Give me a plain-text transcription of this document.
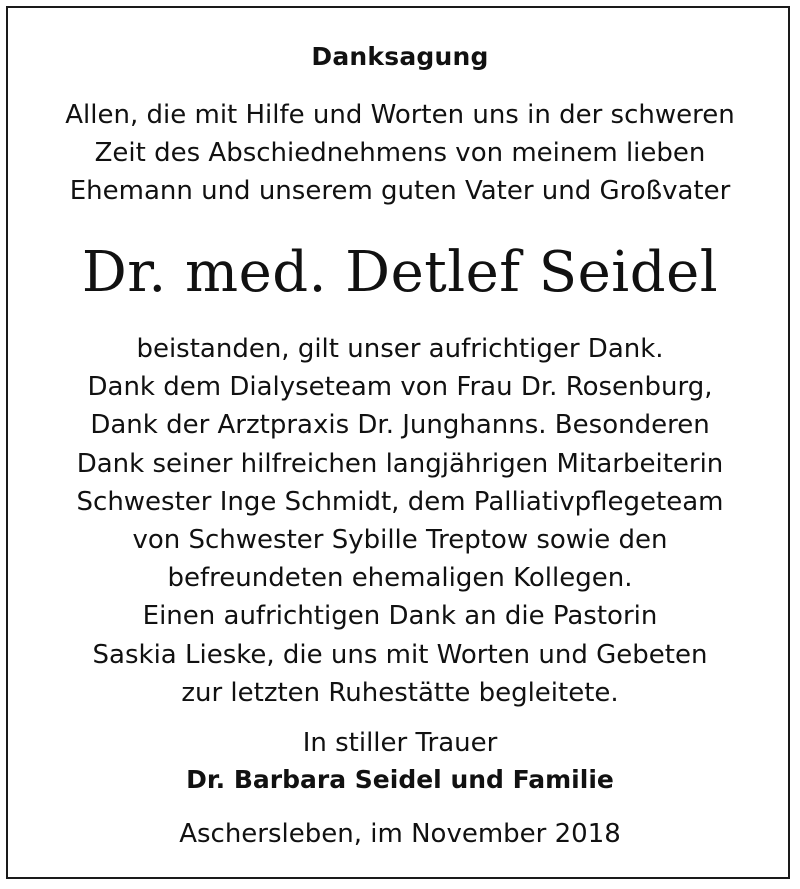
Danksagung
Allen, die mit Hilfe und Worten uns in der schweren
Zeit des Abschiednehmens von meinem lieben
Ehemann und unserem guten Vater und Großvater
Dr. med. Detlef Seidel
beistanden, gilt unser aufrichtiger Dank.
Dank dem Dialyseteam von Frau Dr. Rosenburg,
Dank der Arztpraxis Dr. Junghanns. Besonderen
Dank seiner hilfreichen langjährigen Mitarbeiterin
Schwester Inge Schmidt, dem Palliativpflegeteam
von Schwester Sybille Treptow sowie den
befreundeten ehemaligen Kollegen.
Einen aufrichtigen Dank an die Pastorin
Saskia Lieske, die uns mit Worten und Gebeten
zur letzten Ruhestätte begleitete.
In stiller Trauer
Dr. Barbara Seidel und Familie
Aschersleben, im November 2018
